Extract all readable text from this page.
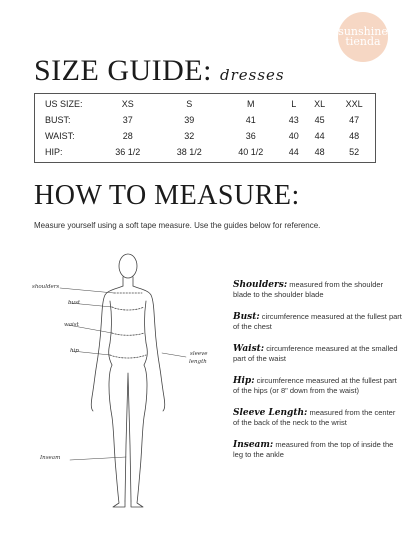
sunshine
tienda
SIZE GUIDE: dresses
US SIZE:	XS	S	M	L	XL	XXL
BUST:	37	39	41	43	45	47
WAIST:	28	32	36	40	44	48
HIP:	36 1/2	38 1/2	40 1/2	44	48	52
HOW TO MEASURE:
Measure yourself using a soft tape measure. Use the guides below for reference.
shoulders
bust
waist
hip	sleeve
length
Inseam
Shoulders: measured from the shoulder blade to the shoulder blade
Bust: circumference measured at the fullest part of the chest
Waist: circumference measured at the smalled part of the waist
Hip: circumference measured at the fullest part of the hips (or 8" down from the waist)
Sleeve Length: measured from the center of the back of the neck to the wrist
Inseam: measured from the top of inside the leg to the ankle
